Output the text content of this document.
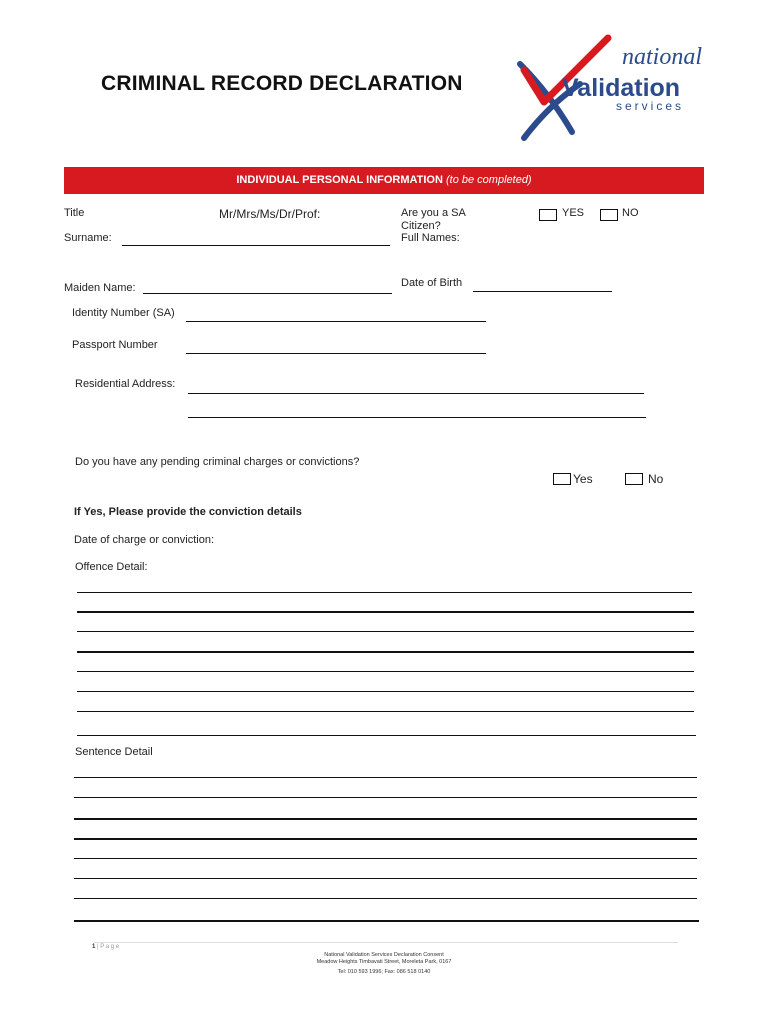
CRIMINAL RECORD DECLARATION
national
Validation
services
INDIVIDUAL PERSONAL INFORMATION (to be completed)
Title	Mr/Mrs/Ms/Dr/Prof:	Are you a SA
Citizen?
YES	NO
Surname:	Full Names:
Maiden Name:	Date of Birth
Identity Number (SA)
Passport Number
Residential Address:
Do you have any pending criminal charges or convictions?
Yes	No
If Yes, Please provide the conviction details
Date of charge or conviction:
Offence Detail:
Sentence Detail
1 | P a g e
National Validation Services Declaration Consent
Meadow Heights Timbavati Street, Moreleta Park, 0167
Tel: 010 593 1996; Fax: 086 518 0140
